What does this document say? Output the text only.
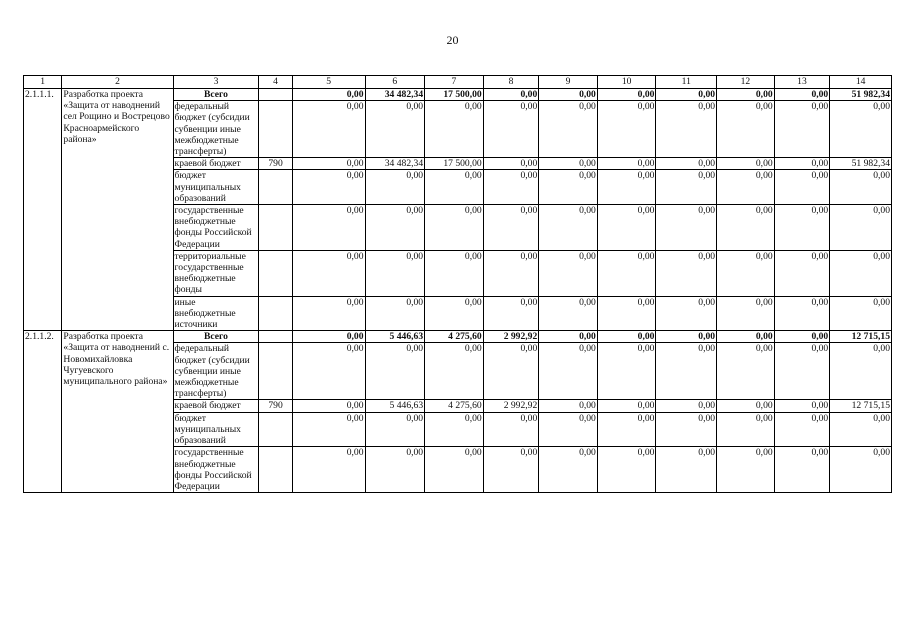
20
1	2	3	4	5	6	7	8	9	10	11	12	13	14
2.1.1.1.	Разработка проекта «Защита от наводнений сел Рощино и Вострецово Красноармейского района»	Всего		0,00	34 482,34	17 500,00	0,00	0,00	0,00	0,00	0,00	0,00	51 982,34
		федеральный бюджет (субсидии субвенции иные межбюджетные трансферты)		0,00	0,00	0,00	0,00	0,00	0,00	0,00	0,00	0,00	0,00
		краевой бюджет	790	0,00	34 482,34	17 500,00	0,00	0,00	0,00	0,00	0,00	0,00	51 982,34
		бюджет муниципальных образований		0,00	0,00	0,00	0,00	0,00	0,00	0,00	0,00	0,00	0,00
		государственные внебюджетные фонды Российской Федерации		0,00	0,00	0,00	0,00	0,00	0,00	0,00	0,00	0,00	0,00
		территориальные государственные внебюджетные фонды		0,00	0,00	0,00	0,00	0,00	0,00	0,00	0,00	0,00	0,00
		иные внебюджетные источники		0,00	0,00	0,00	0,00	0,00	0,00	0,00	0,00	0,00	0,00
2.1.1.2.	Разработка проекта «Защита от наводнений с. Новомихайловка Чугуевского муниципального района»	Всего		0,00	5 446,63	4 275,60	2 992,92	0,00	0,00	0,00	0,00	0,00	12 715,15
		федеральный бюджет (субсидии субвенции иные межбюджетные трансферты)		0,00	0,00	0,00	0,00	0,00	0,00	0,00	0,00	0,00	0,00
		краевой бюджет	790	0,00	5 446,63	4 275,60	2 992,92	0,00	0,00	0,00	0,00	0,00	12 715,15
		бюджет муниципальных образований		0,00	0,00	0,00	0,00	0,00	0,00	0,00	0,00	0,00	0,00
		государственные внебюджетные фонды Российской Федерации		0,00	0,00	0,00	0,00	0,00	0,00	0,00	0,00	0,00	0,00
